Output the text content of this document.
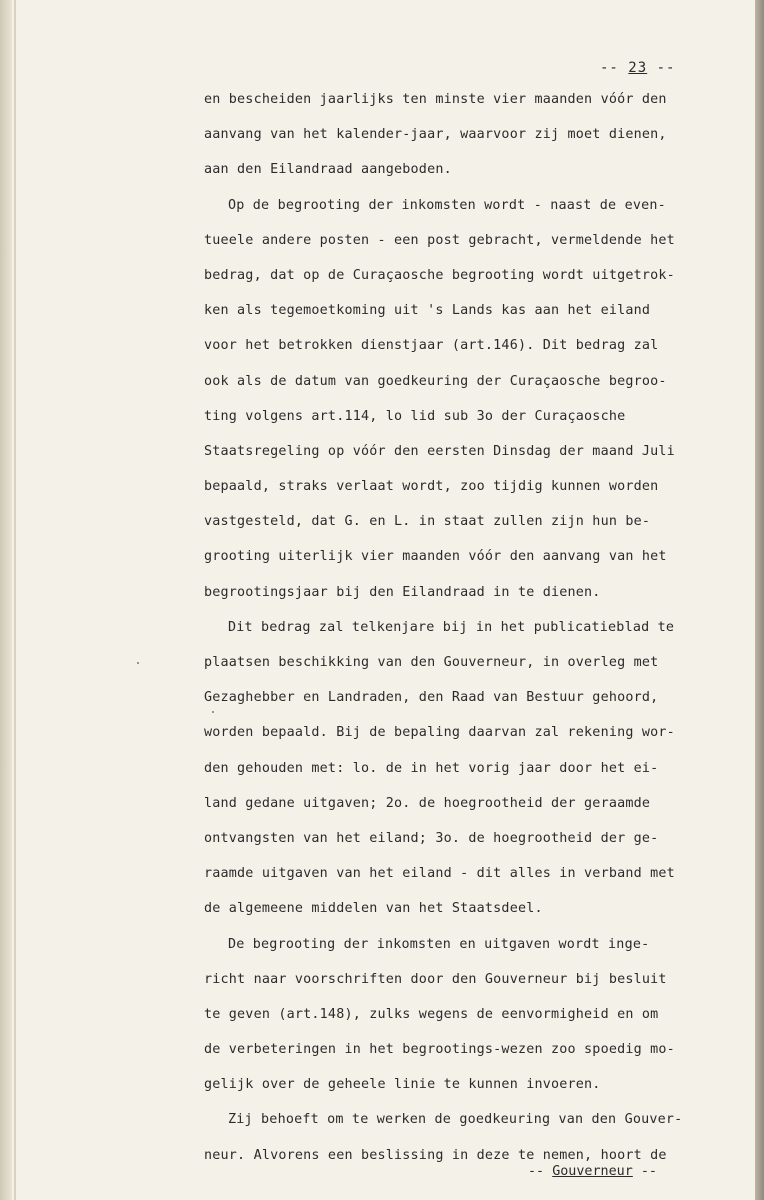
-- 23 --
en bescheiden jaarlijks ten minste vier maanden vóór den
aanvang van het kalender-jaar, waarvoor zij moet dienen,
aan den Eilandraad aangeboden.
Op de begrooting der inkomsten wordt - naast de even-
tueele andere posten - een post gebracht, vermeldende het
bedrag, dat op de Curaçaosche begrooting wordt uitgetrok-
ken als tegemoetkoming uit 's Lands kas aan het eiland
voor het betrokken dienstjaar (art.146). Dit bedrag zal
ook als de datum van goedkeuring der Curaçaosche begroo-
ting volgens art.114, lo lid sub 3o der Curaçaosche
Staatsregeling op vóór den eersten Dinsdag der maand Juli
bepaald, straks verlaat wordt, zoo tijdig kunnen worden
vastgesteld, dat G. en L. in staat zullen zijn hun be-
grooting uiterlijk vier maanden vóór den aanvang van het
begrootingsjaar bij den Eilandraad in te dienen.
Dit bedrag zal telkenjare bij in het publicatieblad te
plaatsen beschikking van den Gouverneur, in overleg met
Gezaghebber en Landraden, den Raad van Bestuur gehoord,
worden bepaald. Bij de bepaling daarvan zal rekening wor-
den gehouden met: lo. de in het vorig jaar door het ei-
land gedane uitgaven; 2o. de hoegrootheid der geraamde
ontvangsten van het eiland; 3o. de hoegrootheid der ge-
raamde uitgaven van het eiland - dit alles in verband met
de algemeene middelen van het Staatsdeel.
De begrooting der inkomsten en uitgaven wordt inge-
richt naar voorschriften door den Gouverneur bij besluit
te geven (art.148), zulks wegens de eenvormigheid en om
de verbeteringen in het begrootings-wezen zoo spoedig mo-
gelijk over de geheele linie te kunnen invoeren.
Zij behoeft om te werken de goedkeuring van den Gouver-
neur. Alvorens een beslissing in deze te nemen, hoort de
-- Gouverneur --
